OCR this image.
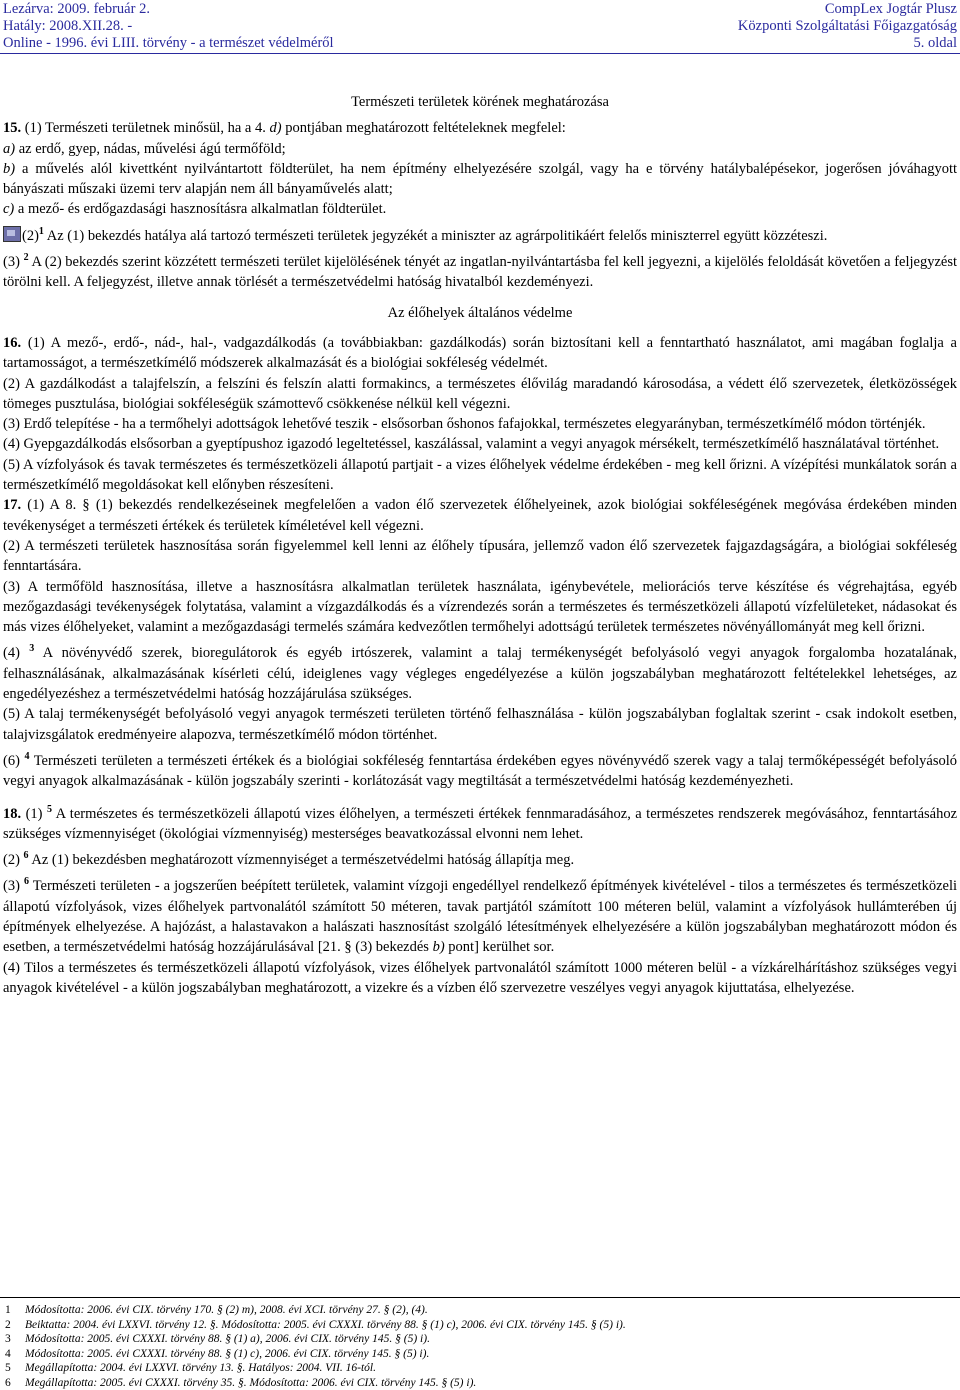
Lezárva: 2009. február 2.
Hatály: 2008.XII.28. -
Online - 1996. évi LIII. törvény - a természet védelméről
CompLex Jogtár Plusz
Központi Szolgáltatási Főigazgatóság
5. oldal

Természeti területek körének meghatározása

15. (1) Természeti területnek minősül, ha a 4. d) pontjában meghatározott feltételeknek megfelel:

a) az erdő, gyep, nádas, művelési ágú termőföld;

b) a művelés alól kivettként nyilvántartott földterület, ha nem építmény elhelyezésére szolgál, vagy ha e törvény hatálybalépésekor, jogerősen jóváhagyott bányászati műszaki üzemi terv alapján nem áll bányaművelés alatt;

c) a mező- és erdőgazdasági hasznosításra alkalmatlan földterület.

$(2)^1$ Az (1) bekezdés hatálya alá tartozó természeti területek jegyzékét a miniszter az agrárpolitikáért felelős miniszterrel együtt közzéteszi.

(3) $^2$ A (2) bekezdés szerint közzétett természeti terület kijelölésének tényét az ingatlan-nyilvántartásba fel kell jegyezni, a kijelölés feloldását követően a feljegyzést törölni kell. A feljegyzést, illetve annak törlését a természetvédelmi hatóság hivatalból kezdeményezi.

Az élőhelyek általános védelme

16. (1) A mező-, erdő-, nád-, hal-, vadgazdálkodás (a továbbiakban: gazdálkodás) során biztosítani kell a fenntartható használatot, ami magában foglalja a tartamosságot, a természetkímélő módszerek alkalmazását és a biológiai sokféleség védelmét.

(2) A gazdálkodást a talajfelszín, a felszíni és felszín alatti formakincs, a természetes élővilág maradandó károsodása, a védett élő szervezetek, életközösségek tömeges pusztulása, biológiai sokféleségük számottevő csökkenése nélkül kell végezni.

(3) Erdő telepítése - ha a termőhelyi adottságok lehetővé teszik - elsősorban őshonos fafajokkal, természetes elegyarányban, természetkímélő módon történjék.

(4) Gyepgazdálkodás elsősorban a gyeptípushoz igazodó legeltetéssel, kaszálással, valamint a vegyi anyagok mérsékelt, természetkímélő használatával történhet.

(5) A vízfolyások és tavak természetes és természetközeli állapotú partjait - a vizes élőhelyek védelme érdekében - meg kell őrizni. A vízépítési munkálatok során a természetkímélő megoldásokat kell előnyben részesíteni.

17. (1) A 8. § (1) bekezdés rendelkezéseinek megfelelően a vadon élő szervezetek élőhelyeinek, azok biológiai sokféleségének megóvása érdekében minden tevékenységet a természeti értékek és területek kíméletével kell végezni.

(2) A természeti területek hasznosítása során figyelemmel kell lenni az élőhely típusára, jellemző vadon élő szervezetek fajgazdagságára, a biológiai sokféleség fenntartására.

(3) A termőföld hasznosítása, illetve a hasznosításra alkalmatlan területek használata, igénybevétele, meliorációs terve készítése és végrehajtása, egyéb mezőgazdasági tevékenységek folytatása, valamint a vízgazdálkodás és a vízrendezés során a természetes és természetközeli állapotú vízfelületeket, nádasokat és más vizes élőhelyeket, valamint a mezőgazdasági termelés számára kedvezőtlen termőhelyi adottságú területek természetes növényállományát meg kell őrizni.

(4) $^3$ A növényvédő szerek, bioregulátorok és egyéb irtószerek, valamint a talaj termékenységét befolyásoló vegyi anyagok forgalomba hozatalának, felhasználásának, alkalmazásának kísérleti célú, ideiglenes vagy végleges engedélyezése a külön jogszabályban meghatározott feltételekkel lehetséges, az engedélyezéshez a természetvédelmi hatóság hozzájárulása szükséges.

(5) A talaj termékenységét befolyásoló vegyi anyagok természeti területen történő felhasználása - külön jogszabályban foglaltak szerint - csak indokolt esetben, talajvizsgálatok eredményeire alapozva, természetkímélő módon történhet.

(6) $^4$ Természeti területen a természeti értékek és a biológiai sokféleség fenntartása érdekében egyes növényvédő szerek vagy a talaj termőképességét befolyásoló vegyi anyagok alkalmazásának - külön jogszabály szerinti - korlátozását vagy megtiltását a természetvédelmi hatóság kezdeményezheti.

18. (1) $^5$ A természetes és természetközeli állapotú vizes élőhelyen, a természeti értékek fennmaradásához, a természetes rendszerek megóvásához, fenntartásához szükséges vízmennyiséget (ökológiai vízmennyiség) mesterséges beavatkozással elvonni nem lehet.

(2) $^6$ Az (1) bekezdésben meghatározott vízmennyiséget a természetvédelmi hatóság állapítja meg.

(3) $^6$ Természeti területen - a jogszerűen beépített területek, valamint vízgoji engedéllyel rendelkező építmények kivételével - tilos a természetes és természetközeli állapotú vízfolyások, vizes élőhelyek partvonalától számított 50 méteren, tavak partjától számított 100 méteren belül, valamint a vízfolyások hullámterében új építmények elhelyezése. A hajózást, a halastavakon a halászati hasznosítást szolgáló létesítmények elhelyezésére a külön jogszabályban meghatározott módon és esetben, a természetvédelmi hatóság hozzájárulásával [21. § (3) bekezdés b) pont] kerülhet sor.

(4) Tilos a természetes és természetközeli állapotú vízfolyások, vizes élőhelyek partvonalától számított 1000 méteren belül - a vízkárelhárításhoz szükséges vegyi anyagok kivételével - a külön jogszabályban meghatározott, a vizekre és a vízben élő szervezetre veszélyes vegyi anyagok kijuttatása, elhelyezése.

1 Módosította: 2006. évi CIX. törvény 170. § (2) m), 2008. évi XCI. törvény 27. § (2), (4).
2 Beiktatta: 2004. évi LXXVI. törvény 12. §. Módosította: 2005. évi CXXXI. törvény 88. § (1) c), 2006. évi CIX. törvény 145. § (5) i).
3 Módosította: 2005. évi CXXXI. törvény 88. § (1) a), 2006. évi CIX. törvény 145. § (5) i).
4 Módosította: 2005. évi CXXXI. törvény 88. § (1) c), 2006. évi CIX. törvény 145. § (5) i).
5 Megállapította: 2004. évi LXXVI. törvény 13. §. Hatályos: 2004. VII. 16-tól.
6 Megállapította: 2005. évi CXXXI. törvény 35. §. Módosította: 2006. évi CIX. törvény 145. § (5) i).
